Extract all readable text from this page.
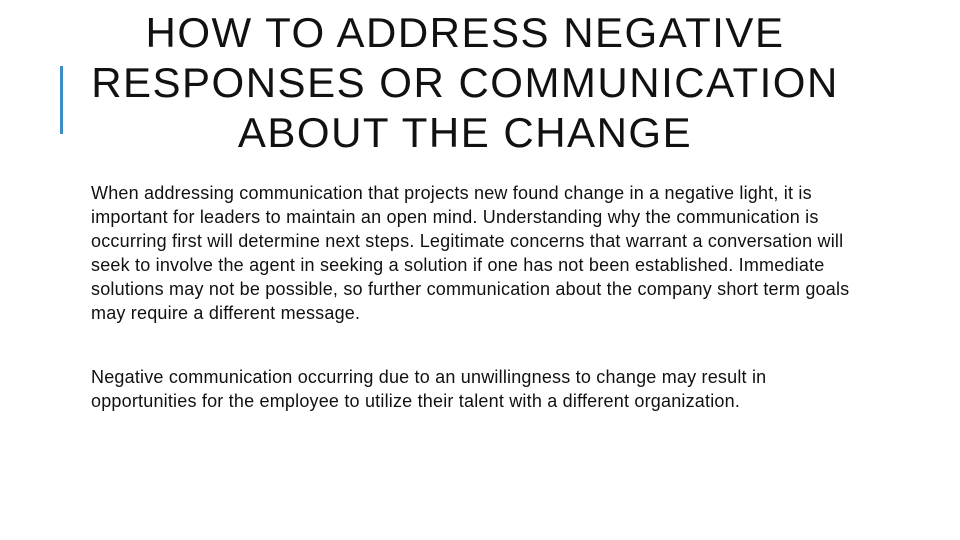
HOW TO ADDRESS NEGATIVE RESPONSES OR COMMUNICATION ABOUT THE CHANGE
When addressing communication that projects new found change in a negative light, it is important for leaders to maintain an open mind. Understanding why the communication is occurring first will determine next steps. Legitimate concerns that warrant a conversation will seek to involve the agent in seeking a solution if one has not been established. Immediate solutions may not be possible, so further communication about the company short term goals may require a different message.
Negative communication occurring due to an unwillingness to change may result in opportunities for the employee to utilize their talent with a different organization.
